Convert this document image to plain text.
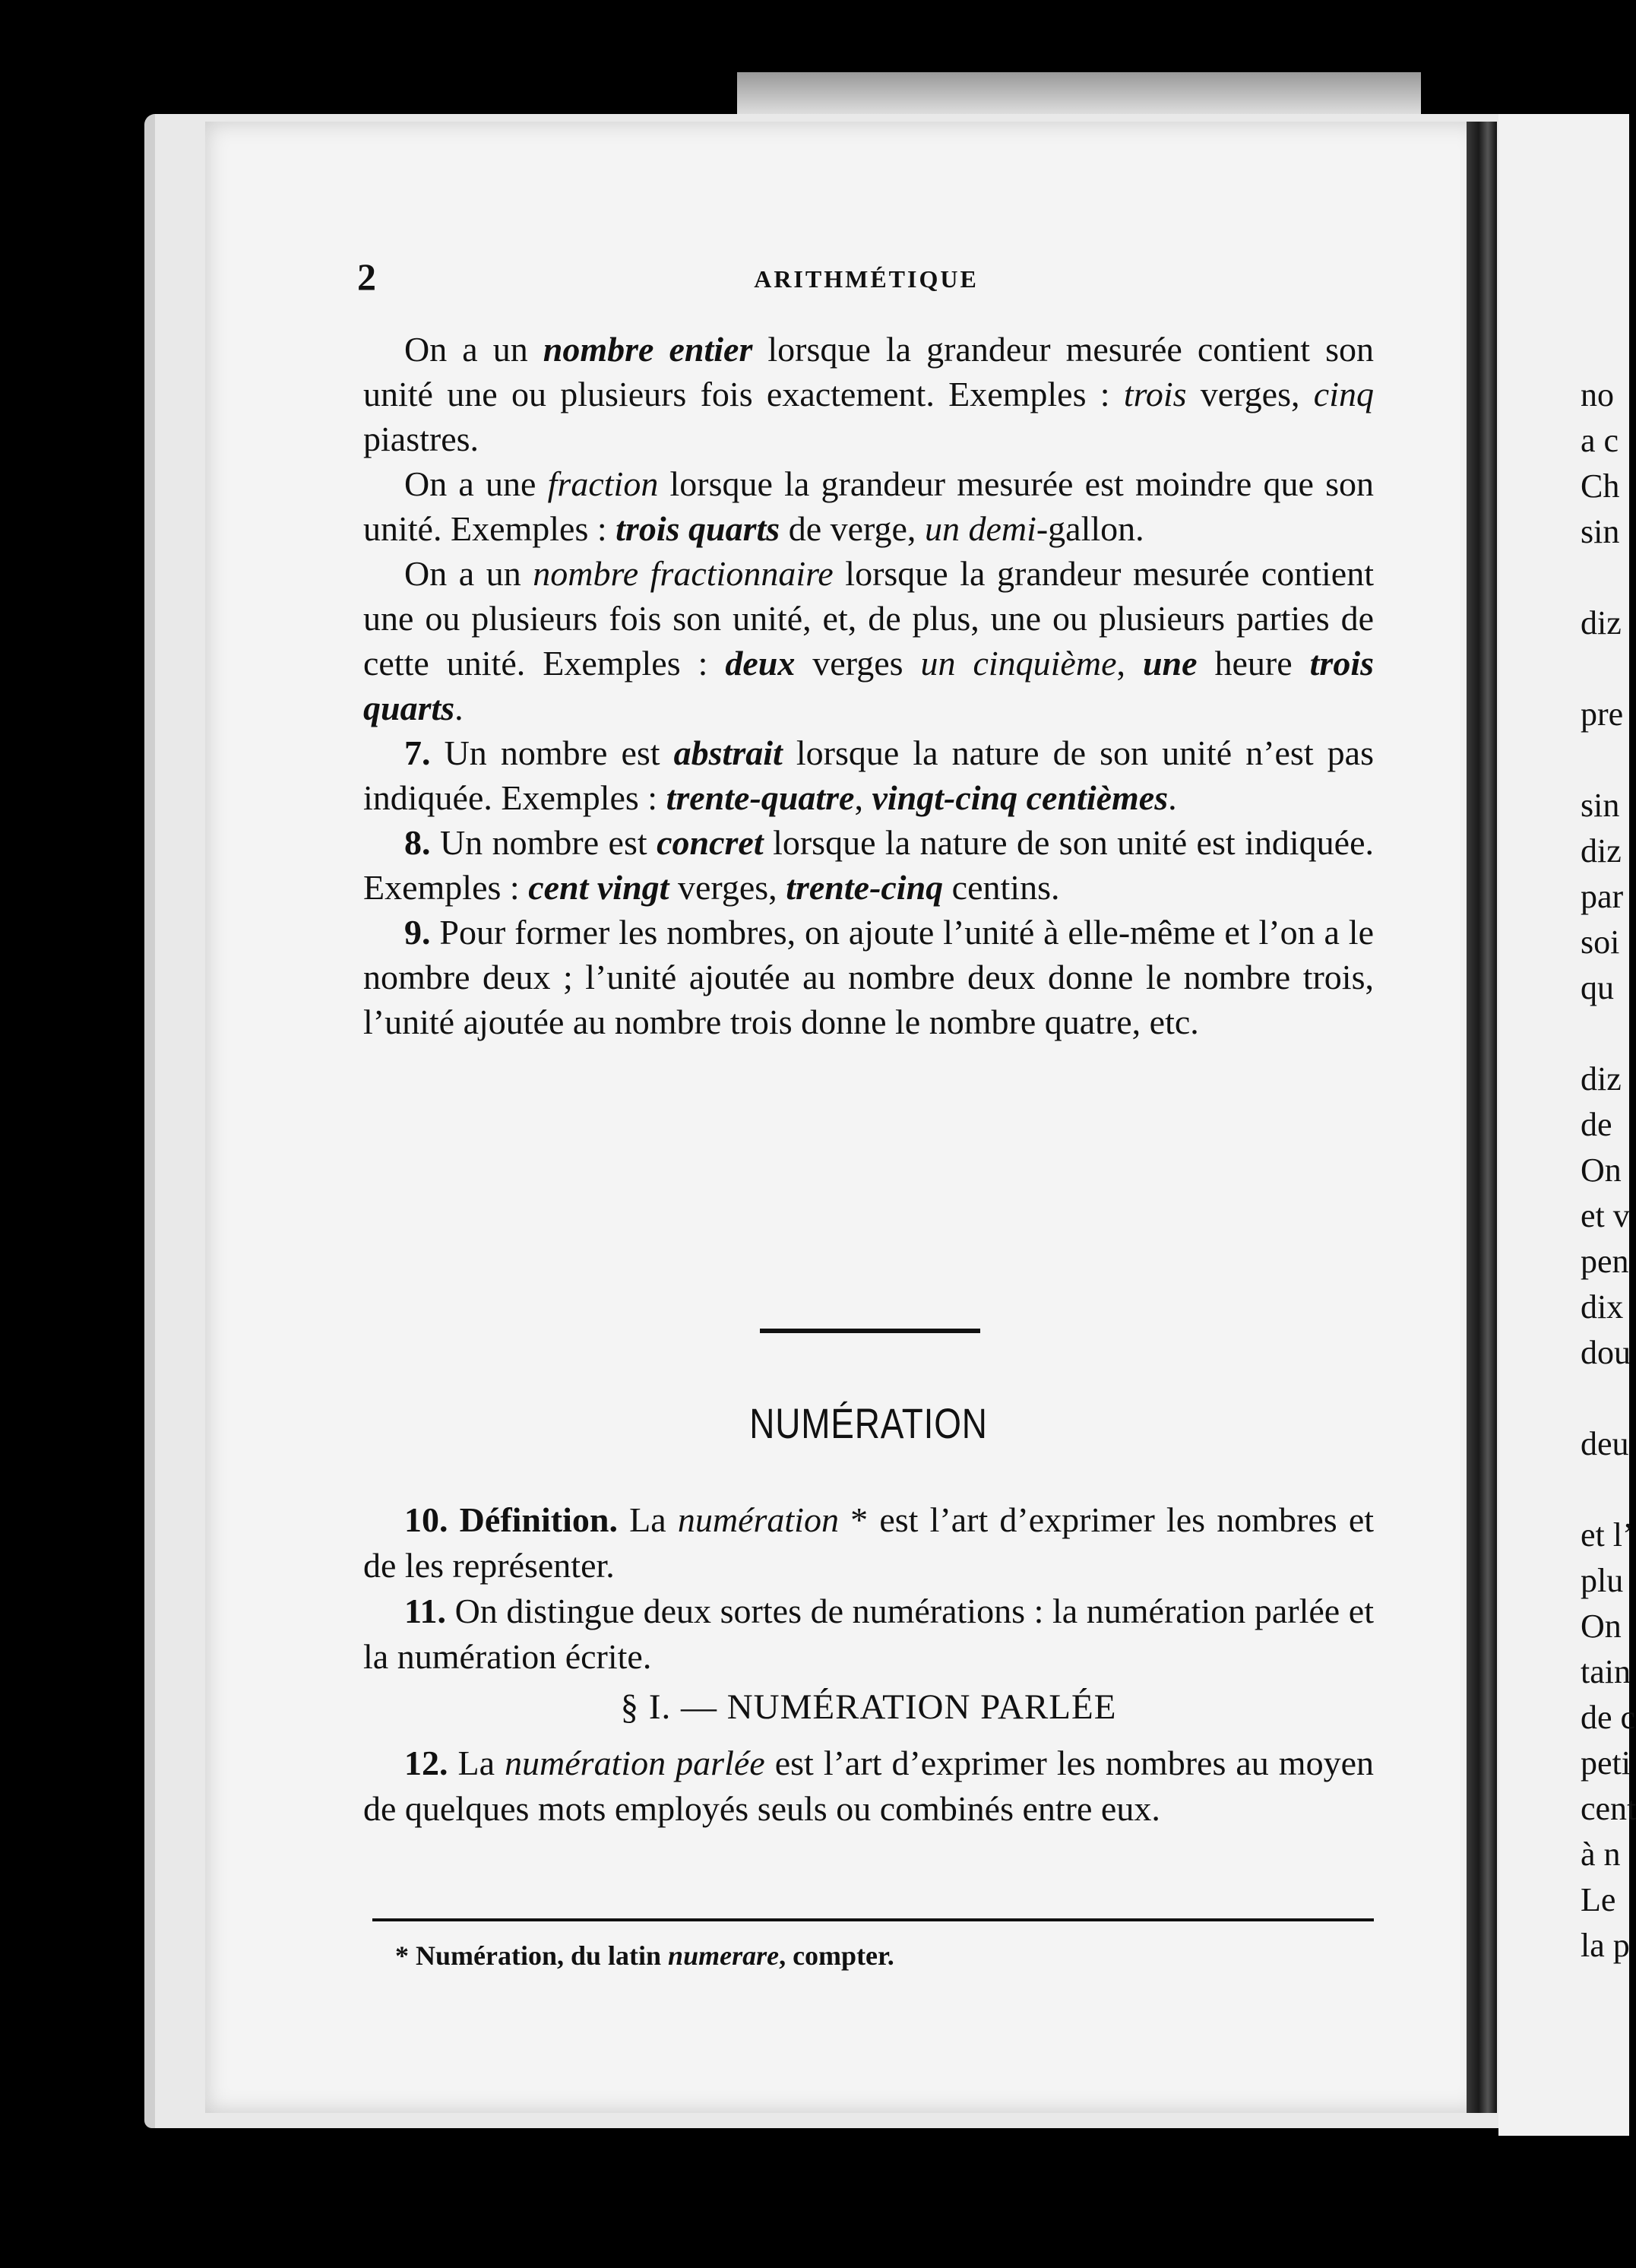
2	ARITHMÉTIQUE

On a un nombre entier lorsque la grandeur mesurée contient son unité une ou plusieurs fois exactement. Exemples : trois verges, cinq piastres.

On a une fraction lorsque la grandeur mesurée est moindre que son unité. Exemples : trois quarts de verge, un demi-gallon.

On a un nombre fractionnaire lorsque la grandeur mesurée contient une ou plusieurs fois son unité, et, de plus, une ou plusieurs parties de cette unité. Exemples : deux verges un cinquième, une heure trois quarts.

7. Un nombre est abstrait lorsque la nature de son unité n’est pas indiquée. Exemples : trente-quatre, vingt-cinq centièmes.

8. Un nombre est concret lorsque la nature de son unité est indiquée. Exemples : cent vingt verges, trente-cinq centins.

9. Pour former les nombres, on ajoute l’unité à elle-même et l’on a le nombre deux ; l’unité ajoutée au nombre deux donne le nombre trois, l’unité ajoutée au nombre trois donne le nombre quatre, etc.

NUMÉRATION

10. Définition. La numération * est l’art d’exprimer les nombres et de les représenter.

11. On distingue deux sortes de numérations : la numération parlée et la numération écrite.

§ I. — NUMÉRATION PARLÉE

12. La numération parlée est l’art d’exprimer les nombres au moyen de quelques mots employés seuls ou combinés entre eux.

* Numération, du latin numerare, compter.
no
a c
Ch
sin
diz
pre
sin
diz
par
soi
qu
diz
de
On
et v
pen
dix
dou
deu
et l’
plu
On
tain
de c
peti
cent
à n
Le
la p
